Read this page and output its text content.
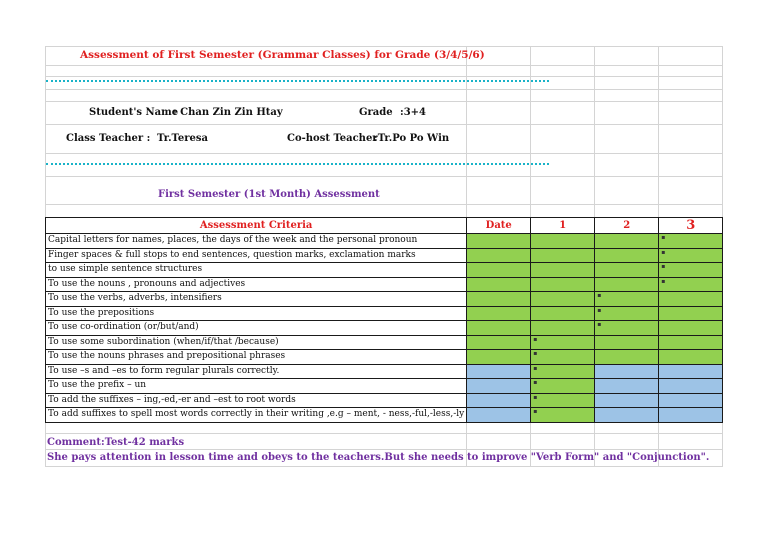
Assessment of First Semester (Grammar Classes) for Grade (3/4/5/6)
Student's Name
: Chan Zin Zin Htay	Grade :3+4
Class Teacher : Tr.Teresa	Co-host Teacher
:Tr.Po Po Win
First Semester (1st Month) Assessment
Assessment Criteria	Date	1	2	3
Capital letters for names, places, the days of the week and the personal pronoun				▪

Finger spaces & full stops to end sentences, question marks, exclamation marks				▪

to use simple sentence structures				▪

To use the nouns , pronouns and adjectives				▪

To use the verbs, adverbs, intensifiers			▪	

To use the prepositions			▪	

To use co-ordination (or/but/and)			▪	

To use some subordination (when/if/that /because)		▪		

To use the nouns phrases and prepositional phrases		▪		

To use –s and –es to form regular plurals correctly.		▪		

To use the prefix – un		▪		

To add the suffixes – ing,-ed,-er and –est to root words		▪		

To add suffixes to spell most words correctly in their writing ,e.g – ment, - ness,-ful,-less,-ly		▪		

Comment:Test-42 marks
She pays attention in lesson time and obeys to the teachers.But she needs to improve "Verb Form" and "Conjunction".
